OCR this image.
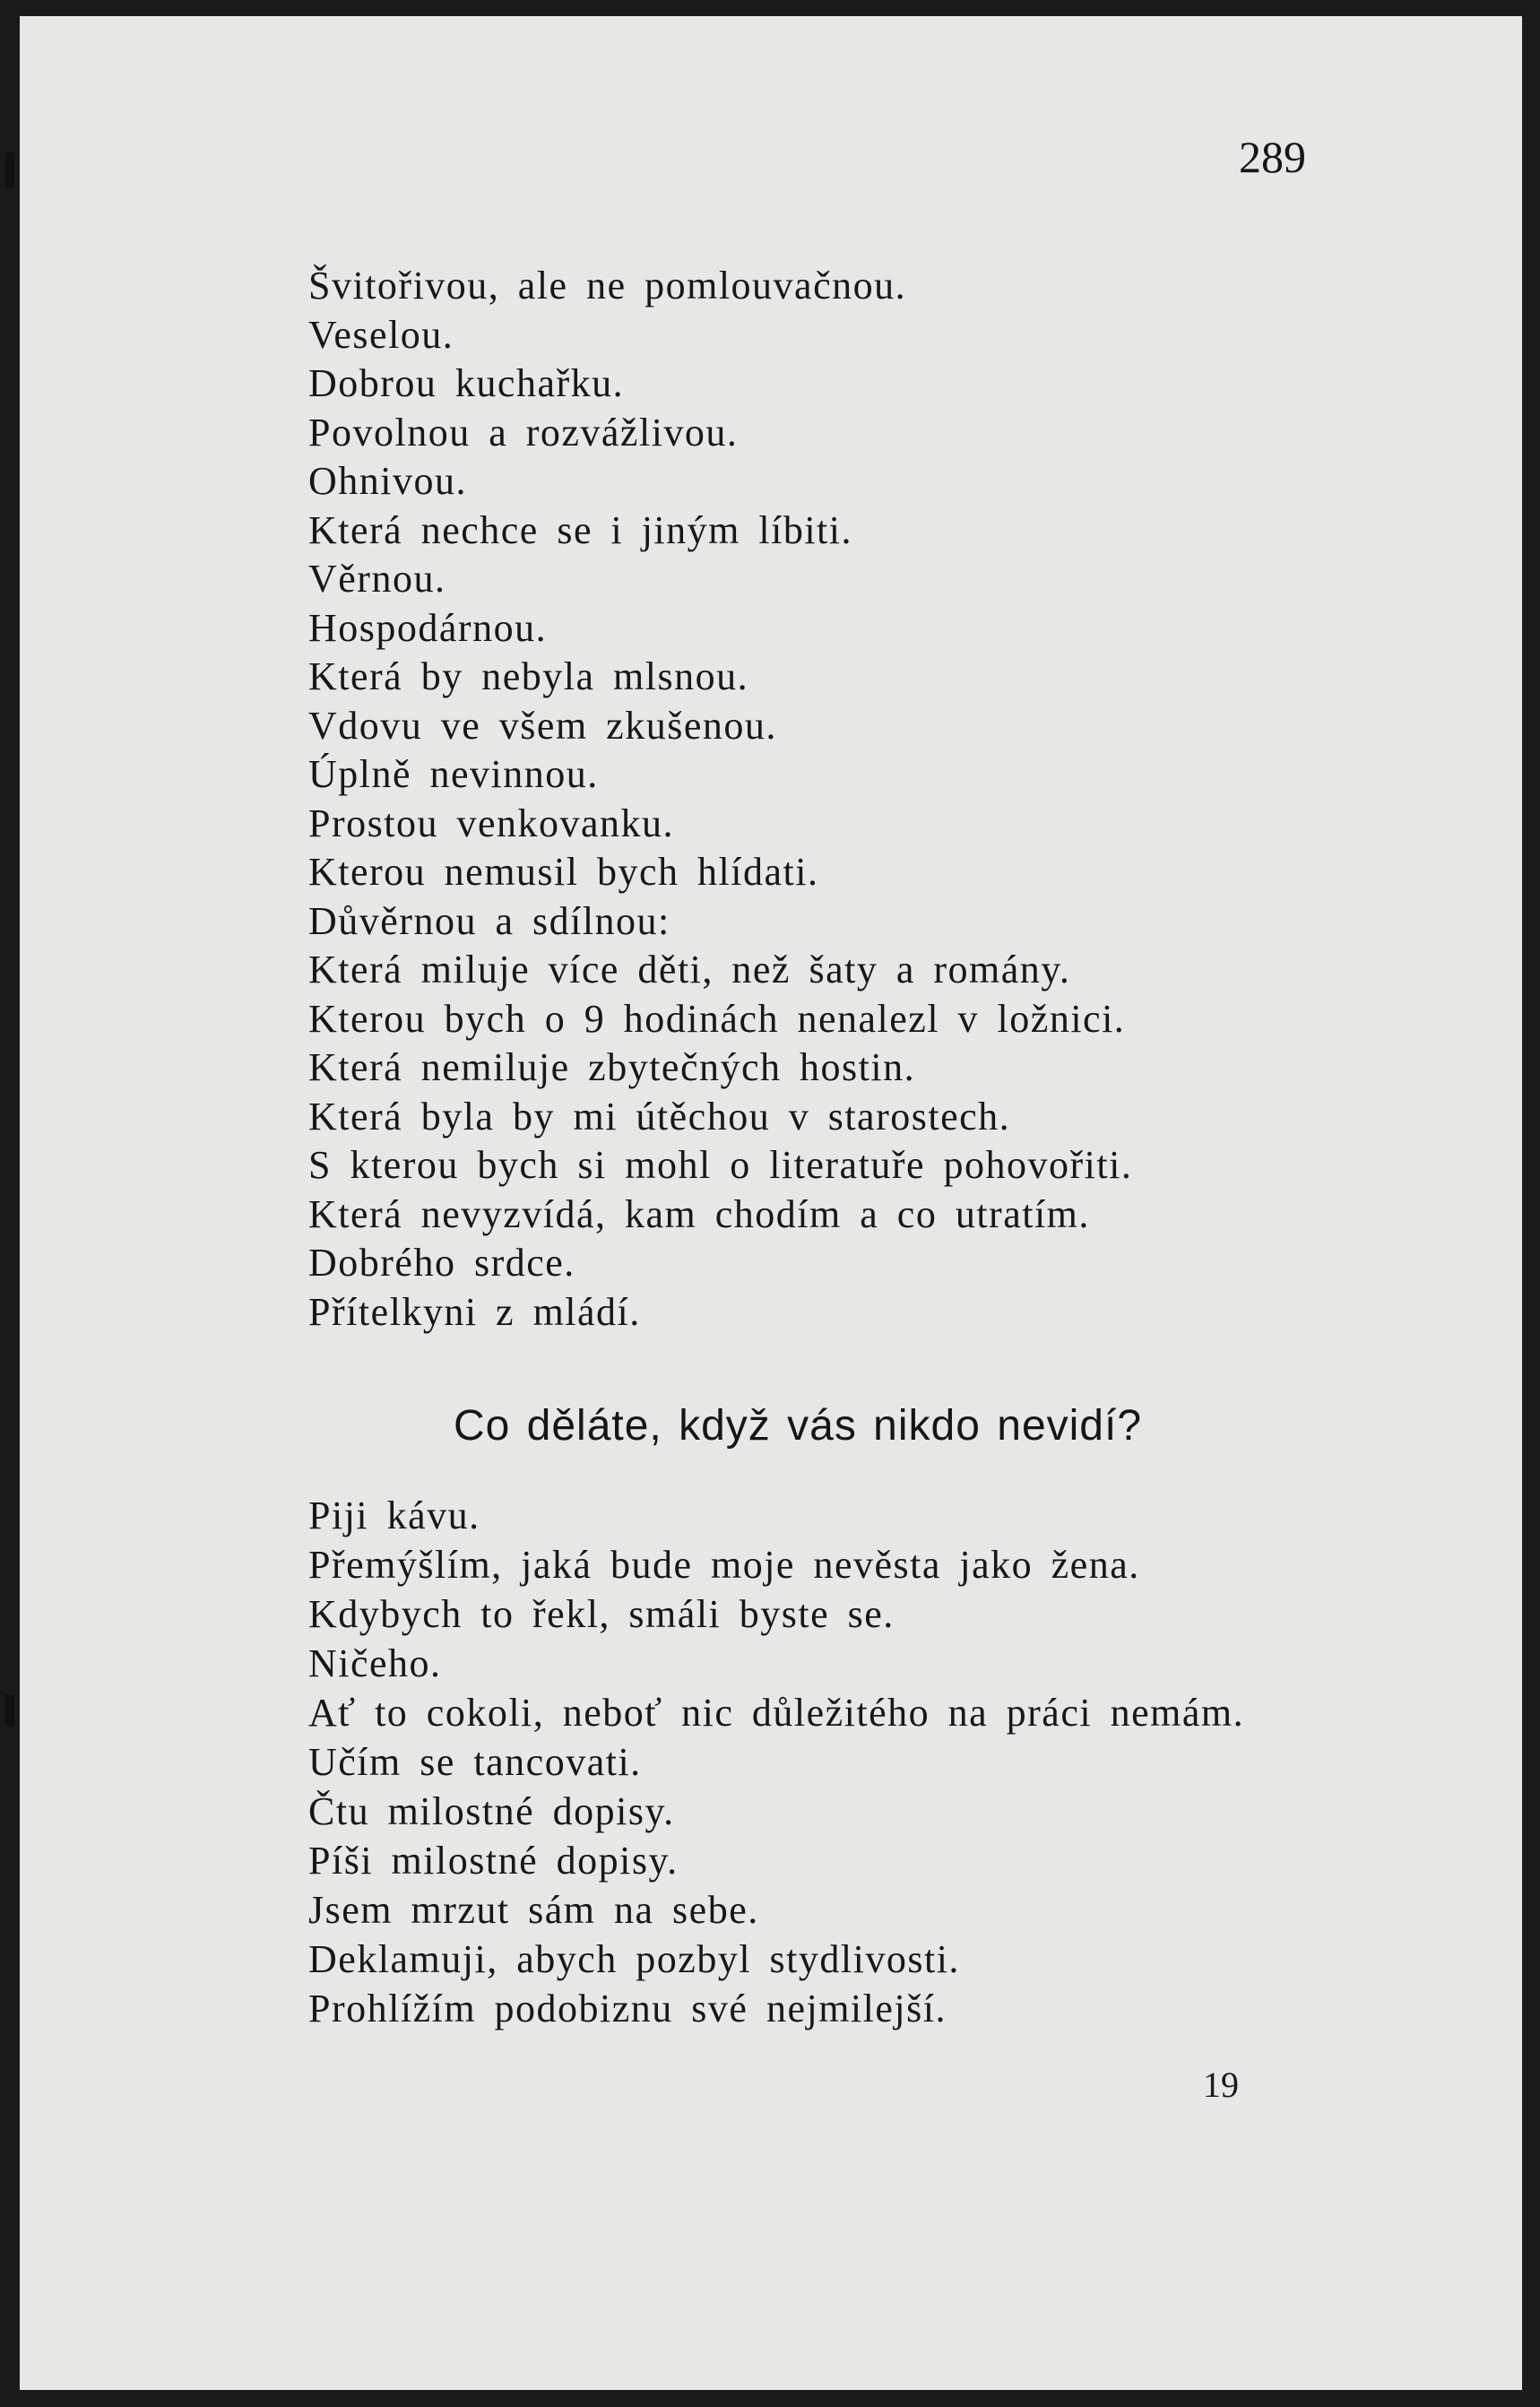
289
Švitořivou, ale ne pomlouvačnou.
Veselou.
Dobrou kuchařku.
Povolnou a rozvážlivou.
Ohnivou.
Která nechce se i jiným líbiti.
Věrnou.
Hospodárnou.
Která by nebyla mlsnou.
Vdovu ve všem zkušenou.
Úplně nevinnou.
Prostou venkovanku.
Kterou nemusil bych hlídati.
Důvěrnou a sdílnou:
Která miluje více děti, než šaty a romány.
Kterou bych o 9 hodinách nenalezl v ložnici.
Která nemiluje zbytečných hostin.
Která byla by mi útěchou v starostech.
S kterou bych si mohl o literatuře pohovořiti.
Která nevyzvídá, kam chodím a co utratím.
Dobrého srdce.
Přítelkyni z mládí.
Co děláte, když vás nikdo nevidí?
Piji kávu.
Přemýšlím, jaká bude moje nevěsta jako žena.
Kdybych to řekl, smáli byste se.
Ničeho.
Ať to cokoli, neboť nic důležitého na práci nemám.
Učím se tancovati.
Čtu milostné dopisy.
Píši milostné dopisy.
Jsem mrzut sám na sebe.
Deklamuji, abych pozbyl stydlivosti.
Prohlížím podobiznu své nejmilejší.
19
